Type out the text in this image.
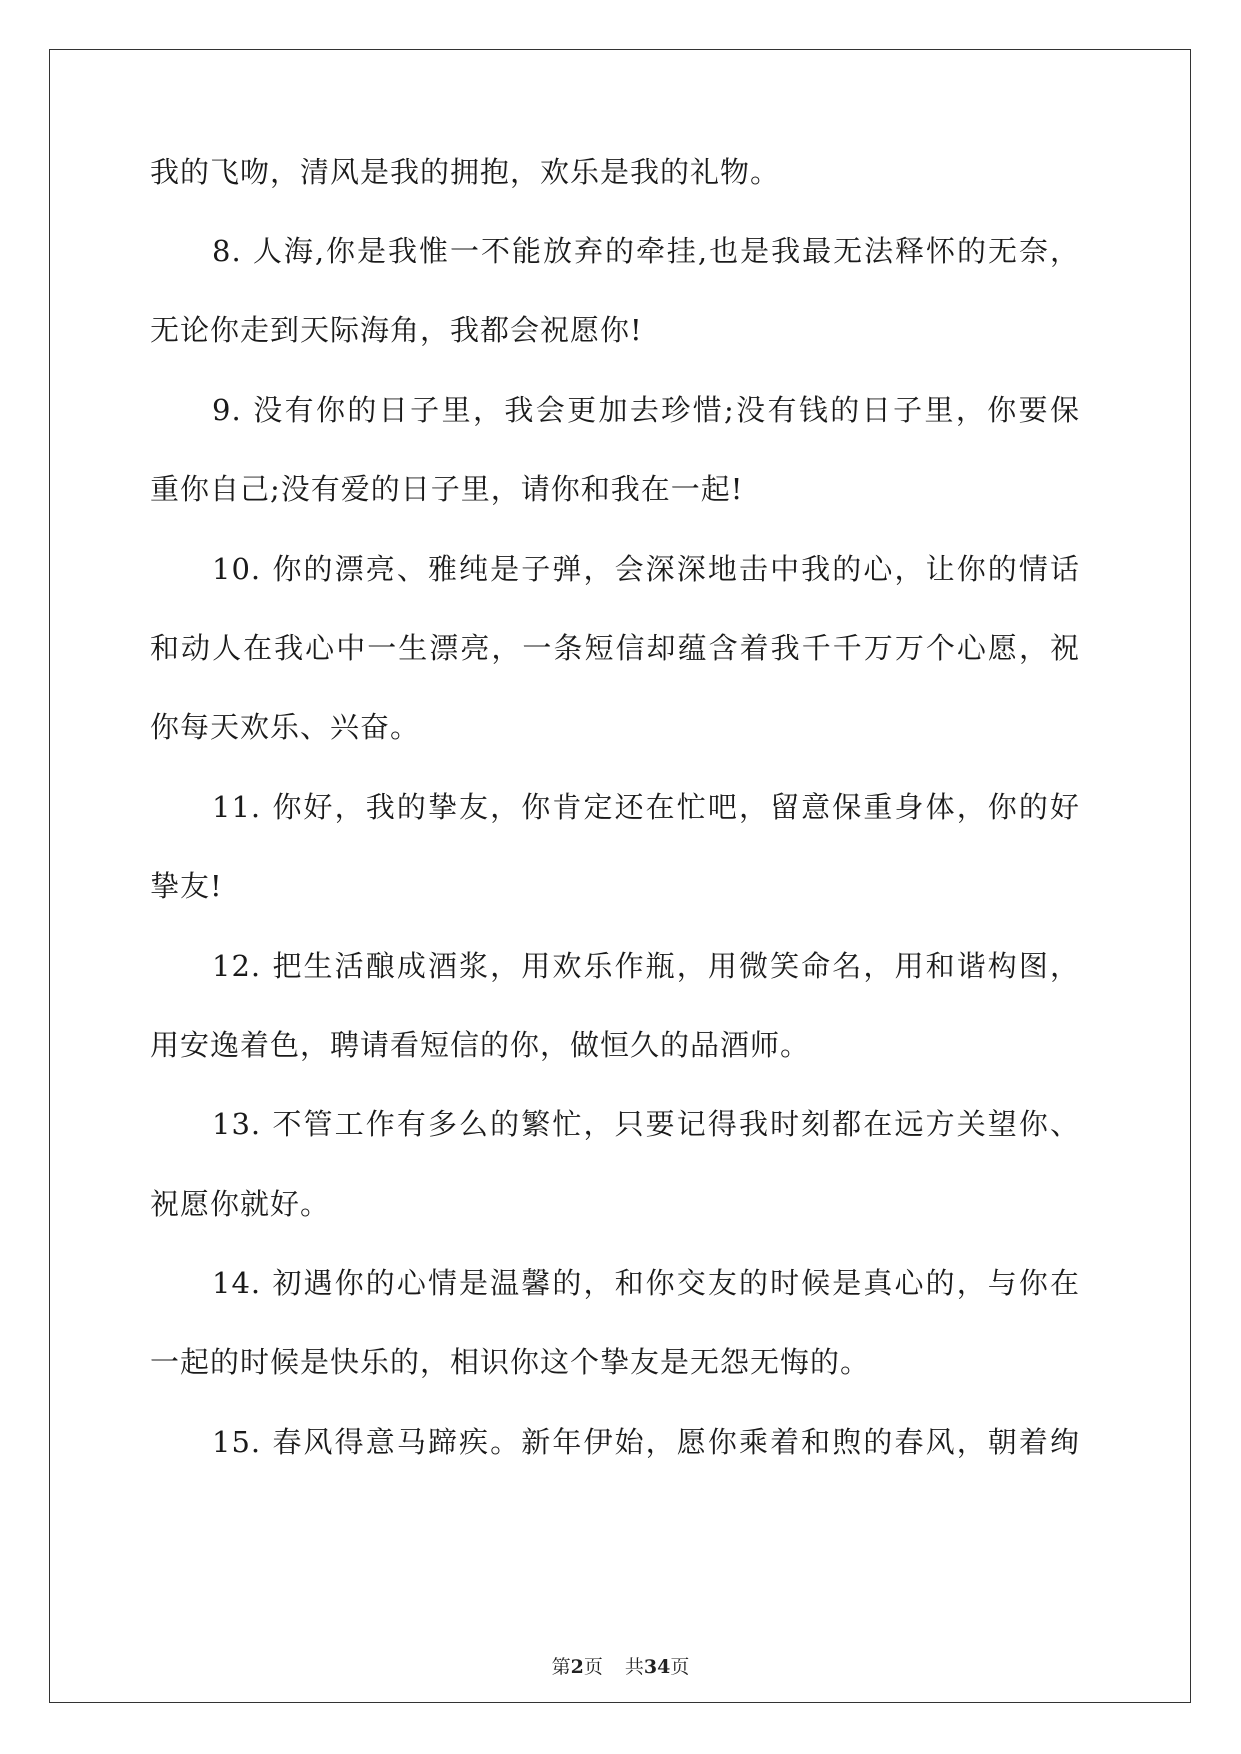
我的飞吻，清风是我的拥抱，欢乐是我的礼物。
8. 人海,你是我惟一不能放弃的牵挂,也是我最无法释怀的无奈，
无论你走到天际海角，我都会祝愿你!
9. 没有你的日子里，我会更加去珍惜;没有钱的日子里，你要保
重你自己;没有爱的日子里，请你和我在一起!
10. 你的漂亮、雅纯是子弹，会深深地击中我的心，让你的情话
和动人在我心中一生漂亮，一条短信却蕴含着我千千万万个心愿，祝
你每天欢乐、兴奋。
11. 你好，我的挚友，你肯定还在忙吧，留意保重身体，你的好
挚友!
12. 把生活酿成酒浆，用欢乐作瓶，用微笑命名，用和谐构图，
用安逸着色，聘请看短信的你，做恒久的品酒师。
13. 不管工作有多么的繁忙，只要记得我时刻都在远方关望你、
祝愿你就好。
14. 初遇你的心情是温馨的，和你交友的时候是真心的，与你在
一起的时候是快乐的，相识你这个挚友是无怨无悔的。
15. 春风得意马蹄疾。新年伊始，愿你乘着和煦的春风，朝着绚
第2页 共34页
